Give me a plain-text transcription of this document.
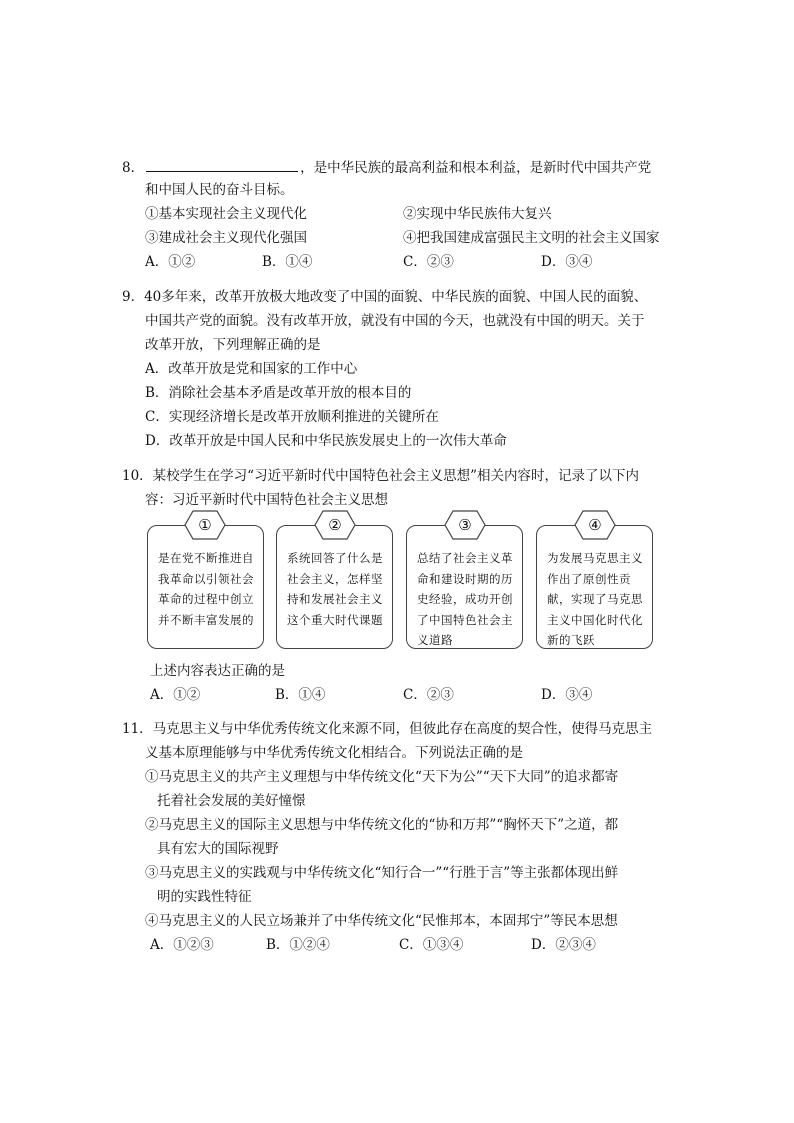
8．	，是中华民族的最高利益和根本利益，是新时代中国共产党
和中国人民的奋斗目标。
①基本实现社会主义现代化	②实现中华民族伟大复兴
③建成社会主义现代化强国	④把我国建成富强民主文明的社会主义国家
A．①②	B．①④	C．②③	D．③④
9．40多年来，改革开放极大地改变了中国的面貌、中华民族的面貌、中国人民的面貌、
中国共产党的面貌。没有改革开放，就没有中国的今天，也就没有中国的明天。关于
改革开放，下列理解正确的是
A．改革开放是党和国家的工作中心
B．消除社会基本矛盾是改革开放的根本目的
C．实现经济增长是改革开放顺利推进的关键所在
D．改革开放是中国人民和中华民族发展史上的一次伟大革命
10．某校学生在学习“习近平新时代中国特色社会主义思想”相关内容时，记录了以下内
容：习近平新时代中国特色社会主义思想
是在党不断推进自我革命以引领社会革命的过程中创立并不断丰富发展的
①
系统回答了什么是社会主义，怎样坚持和发展社会主义这个重大时代课题
②
总结了社会主义革命和建设时期的历史经验，成功开创了中国特色社会主义道路
③
为发展马克思主义作出了原创性贡献，实现了马克思主义中国化时代化新的飞跃
④
上述内容表达正确的是
A．①②	B．①④	C．②③	D．③④
11．马克思主义与中华优秀传统文化来源不同，但彼此存在高度的契合性，使得马克思主
义基本原理能够与中华优秀传统文化相结合。下列说法正确的是
①马克思主义的共产主义理想与中华传统文化“天下为公”“天下大同”的追求都寄
托着社会发展的美好憧憬
②马克思主义的国际主义思想与中华传统文化的“协和万邦”“胸怀天下”之道，都
具有宏大的国际视野
③马克思主义的实践观与中华传统文化“知行合一”“行胜于言”等主张都体现出鲜
明的实践性特征
④马克思主义的人民立场兼并了中华传统文化“民惟邦本，本固邦宁”等民本思想
A．①②③	B．①②④	C．①③④	D．②③④
